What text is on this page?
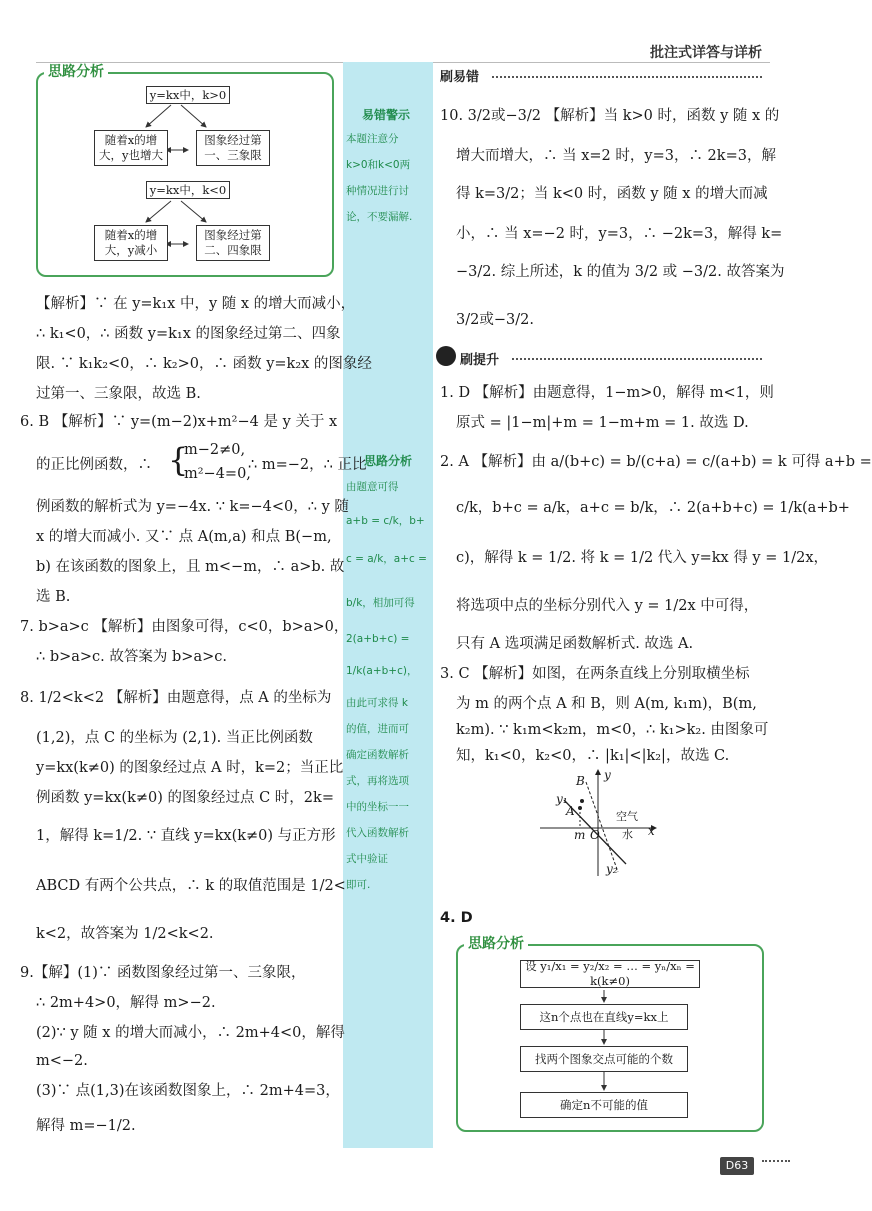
批注式详答与详析
思路分析
y=kx中，k>0
随着x的增
大，y也增大
图象经过第
一、三象限
y=kx中，k<0
随着x的增
大，y减小
图象经过第
二、四象限
【解析】∵ 在 y=k₁x 中，y 随 x 的增大而减小，
∴ k₁<0，∴ 函数 y=k₁x 的图象经过第二、四象
限. ∵ k₁k₂<0，∴ k₂>0，∴ 函数 y=k₂x 的图象经
过第一、三象限，故选 B.
6. B 【解析】∵ y=(m−2)x+m²−4 是 y 关于 x
的正比例函数，∴ {
m−2≠0,
m²−4=0,
∴ m=−2，∴ 正比
例函数的解析式为 y=−4x. ∵ k=−4<0，∴ y 随
x 的增大而减小. 又∵ 点 A(m,a) 和点 B(−m,
b) 在该函数的图象上，且 m<−m，∴ a>b. 故
选 B.
7. b>a>c 【解析】由图象可得，c<0，b>a>0，
∴ b>a>c. 故答案为 b>a>c.
8. 1/2<k<2 【解析】由题意得，点 A 的坐标为
(1,2)，点 C 的坐标为 (2,1). 当正比例函数
y=kx(k≠0) 的图象经过点 A 时，k=2；当正比
例函数 y=kx(k≠0) 的图象经过点 C 时，2k=
1，解得 k=1/2. ∵ 直线 y=kx(k≠0) 与正方形
ABCD 有两个公共点，∴ k 的取值范围是 1/2<
k<2，故答案为 1/2<k<2.
9.【解】(1)∵ 函数图象经过第一、三象限，
∴ 2m+4>0，解得 m>−2.
(2)∵ y 随 x 的增大而减小，∴ 2m+4<0，解得
m<−2.
(3)∵ 点(1,3)在该函数图象上，∴ 2m+4=3，
解得 m=−1/2.
易错警示
本题注意分
k>0和k<0两
种情况进行讨
论，不要漏解.
思路分析
由题意可得
a+b = c/k，b+
c = a/k，a+c =
b/k，相加可得
2(a+b+c) =
1/k(a+b+c)，
由此可求得 k
的值，进而可
确定函数解析
式，再将选项
中的坐标一一
代入函数解析
式中验证
即可.
刷易错
10. 3/2或−3/2 【解析】当 k>0 时，函数 y 随 x 的
增大而增大，∴ 当 x=2 时，y=3，∴ 2k=3，解
得 k=3/2；当 k<0 时，函数 y 随 x 的增大而减
小，∴ 当 x=−2 时，y=3，∴ −2k=3，解得 k=
−3/2. 综上所述，k 的值为 3/2 或 −3/2. 故答案为
3/2或−3/2.
刷提升
1. D 【解析】由题意得，1−m>0，解得 m<1，则
原式 = |1−m|+m = 1−m+m = 1. 故选 D.
2. A 【解析】由 a/(b+c) = b/(c+a) = c/(a+b) = k 可得 a+b =
c/k，b+c = a/k，a+c = b/k，∴ 2(a+b+c) = 1/k(a+b+
c)，解得 k = 1/2. 将 k = 1/2 代入 y=kx 得 y = 1/2x，
将选项中点的坐标分别代入 y = 1/2x 中可得，
只有 A 选项满足函数解析式. 故选 A.
3. C 【解析】如图，在两条直线上分别取横坐标
为 m 的两个点 A 和 B，则 A(m, k₁m)，B(m,
k₂m). ∵ k₁m<k₂m，m<0，∴ k₁>k₂. 由图象可
知，k₁<0，k₂<0，∴ |k₁|<|k₂|，故选 C.
B y
y₁
A	空气
m O 水 x
y₂
4. D
思路分析
设 y₁/x₁ = y₂/x₂ = … = yₙ/xₙ = k(k≠0)
这n个点也在直线y=kx上
找两个图象交点可能的个数
确定n不可能的值
D63
